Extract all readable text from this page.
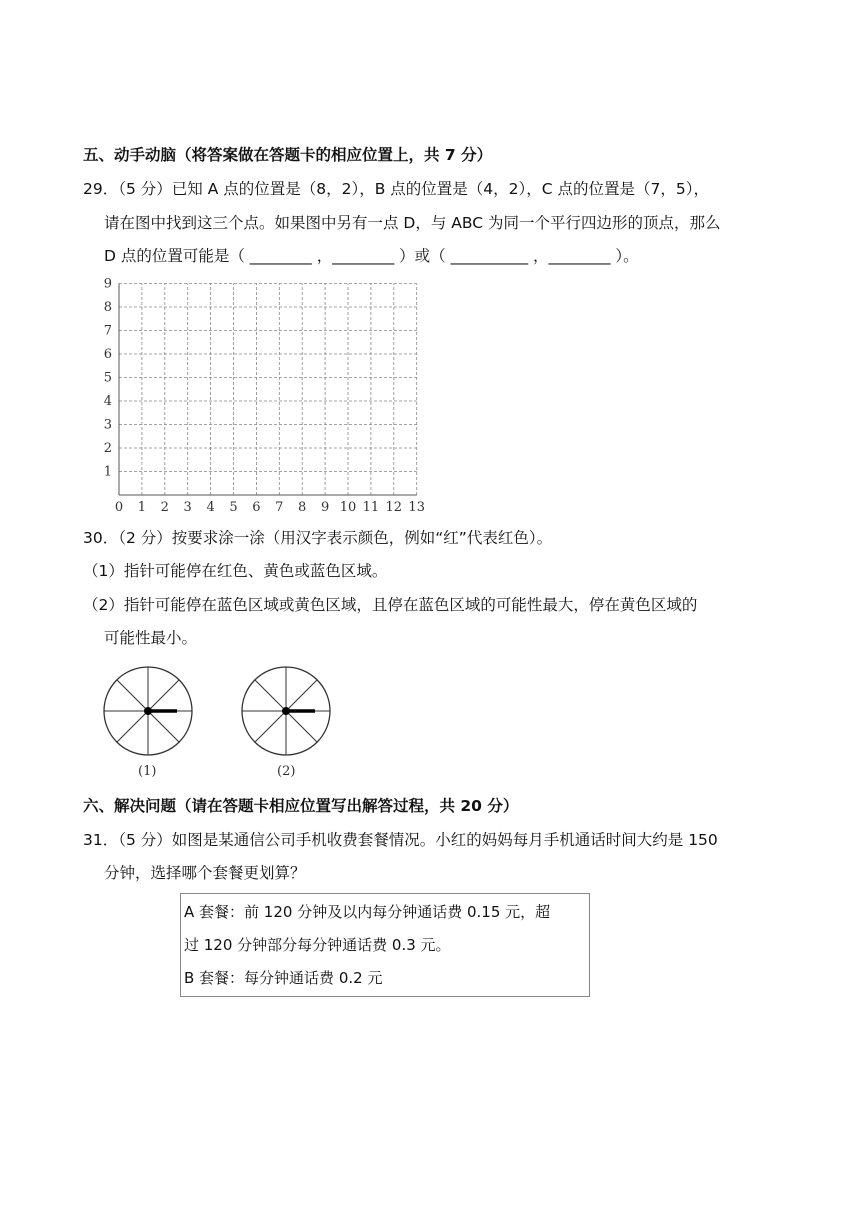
五、动手动脑（将答案做在答题卡的相应位置上，共 7 分）
29．（5 分）已知 A 点的位置是（8，2），B 点的位置是（4，2），C 点的位置是（7，5），
请在图中找到这三个点。如果图中另有一点 D，与 ABC 为同一个平行四边形的顶点，那么
D 点的位置可能是（ ________ ，________ ）或（ __________ ，________ ）。
0 1 2 3 4 5 6 7 8 9 10 11 12 13
1
2
3
4
5
6
7
8
9
30．（2 分）按要求涂一涂（用汉字表示颜色，例如“红”代表红色）。
（1）指针可能停在红色、黄色或蓝色区域。
（2）指针可能停在蓝色区域或黄色区域，且停在蓝色区域的可能性最大，停在黄色区域的
可能性最小。
(1)	(2)
六、解决问题（请在答题卡相应位置写出解答过程，共 20 分）
31．（5 分）如图是某通信公司手机收费套餐情况。小红的妈妈每月手机通话时间大约是 150
分钟，选择哪个套餐更划算？
A 套餐：前 120 分钟及以内每分钟通话费 0.15 元，超
过 120 分钟部分每分钟通话费 0.3 元。
B 套餐：每分钟通话费 0.2 元
